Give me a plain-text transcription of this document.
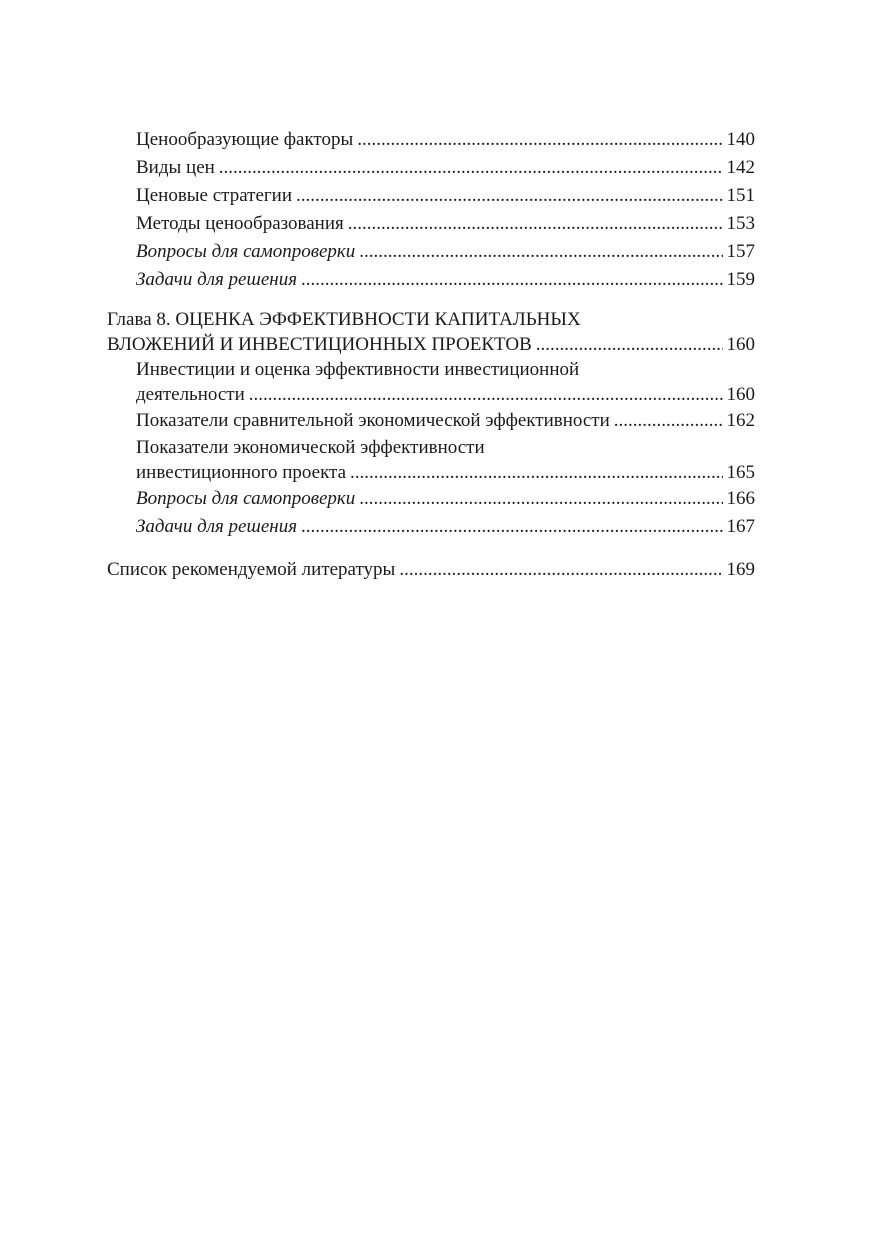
Ценообразующие факторы .....	140
Виды цен .....	142
Ценовые стратегии .....	151
Методы ценообразования .....	153
Вопросы для самопроверки .....	157
Задачи для решения .....	159
Глава 8. ОЦЕНКА ЭФФЕКТИВНОСТИ КАПИТАЛЬНЫХ
ВЛОЖЕНИЙ И ИНВЕСТИЦИОННЫХ ПРОЕКТОВ .....	160
Инвестиции и оценка эффективности инвестиционной
деятельности .....	160
Показатели сравнительной экономической эффективности .....	162
Показатели экономической эффективности
инвестиционного проекта .....	165
Вопросы для самопроверки .....	166
Задачи для решения .....	167
Список рекомендуемой литературы .....	169
